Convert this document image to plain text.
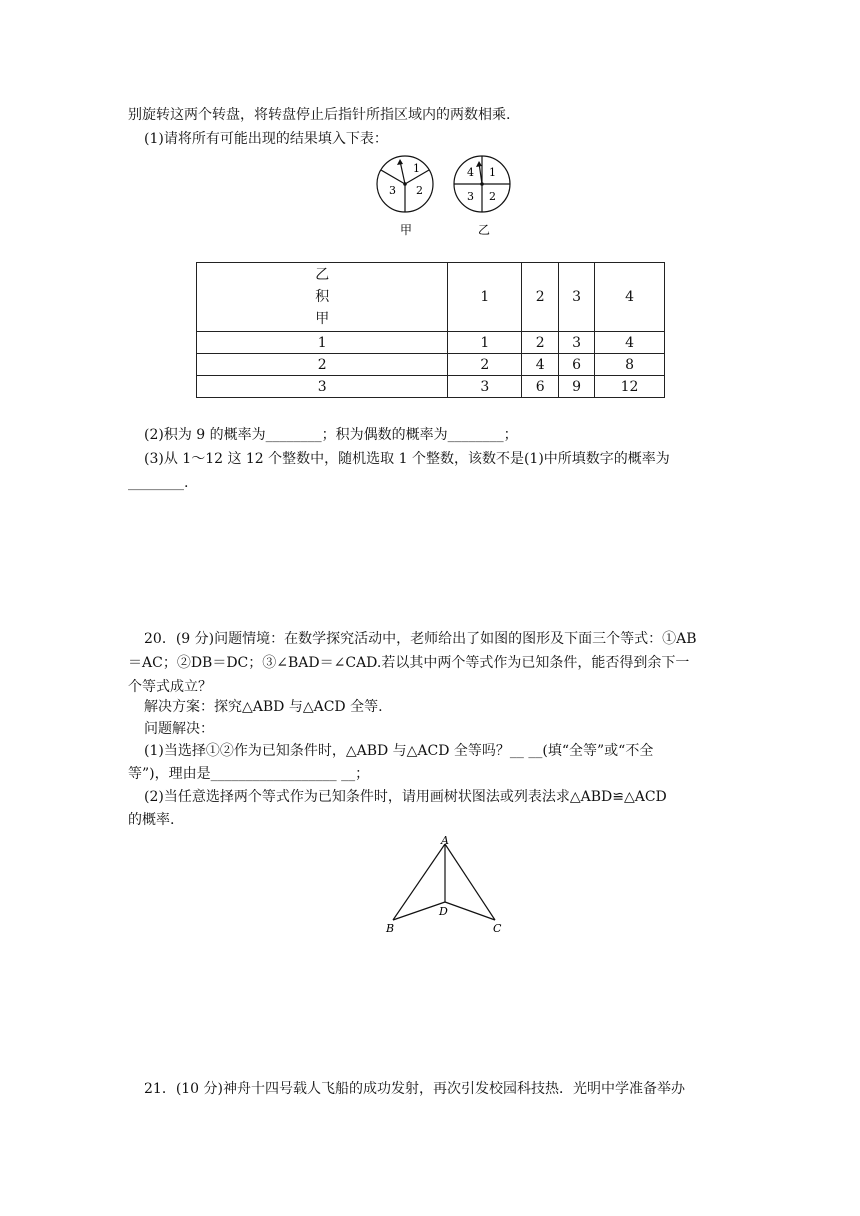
别旋转这两个转盘，将转盘停止后指针所指区域内的两数相乘.
(1)请将所有可能出现的结果填入下表：
1
2
3
甲
1
2
3
4
乙
乙
积
甲	1	2	3	4
1	1	2	3	4
2	2	4	6	8
3	3	6	9	12
(2)积为 9 的概率为________；积为偶数的概率为________；
(3)从 1～12 这 12 个整数中，随机选取 1 个整数，该数不是(1)中所填数字的概率为
________.
20．(9 分)问题情境：在数学探究活动中，老师给出了如图的图形及下面三个等式：①AB
＝AC；②DB＝DC；③∠BAD＝∠CAD.若以其中两个等式作为已知条件，能否得到余下一
个等式成立？
解决方案：探究△ABD 与△ACD 全等.
问题解决：
(1)当选择①②作为已知条件时，△ABD 与△ACD 全等吗？__ __(填“全等”或“不全
等”)，理由是__________________ __；
(2)当任意选择两个等式作为已知条件时，请用画树状图法或列表法求△ABD≌△ACD
的概率.
A
B	C
D
21．(10 分)神舟十四号载人飞船的成功发射，再次引发校园科技热．光明中学准备举办
